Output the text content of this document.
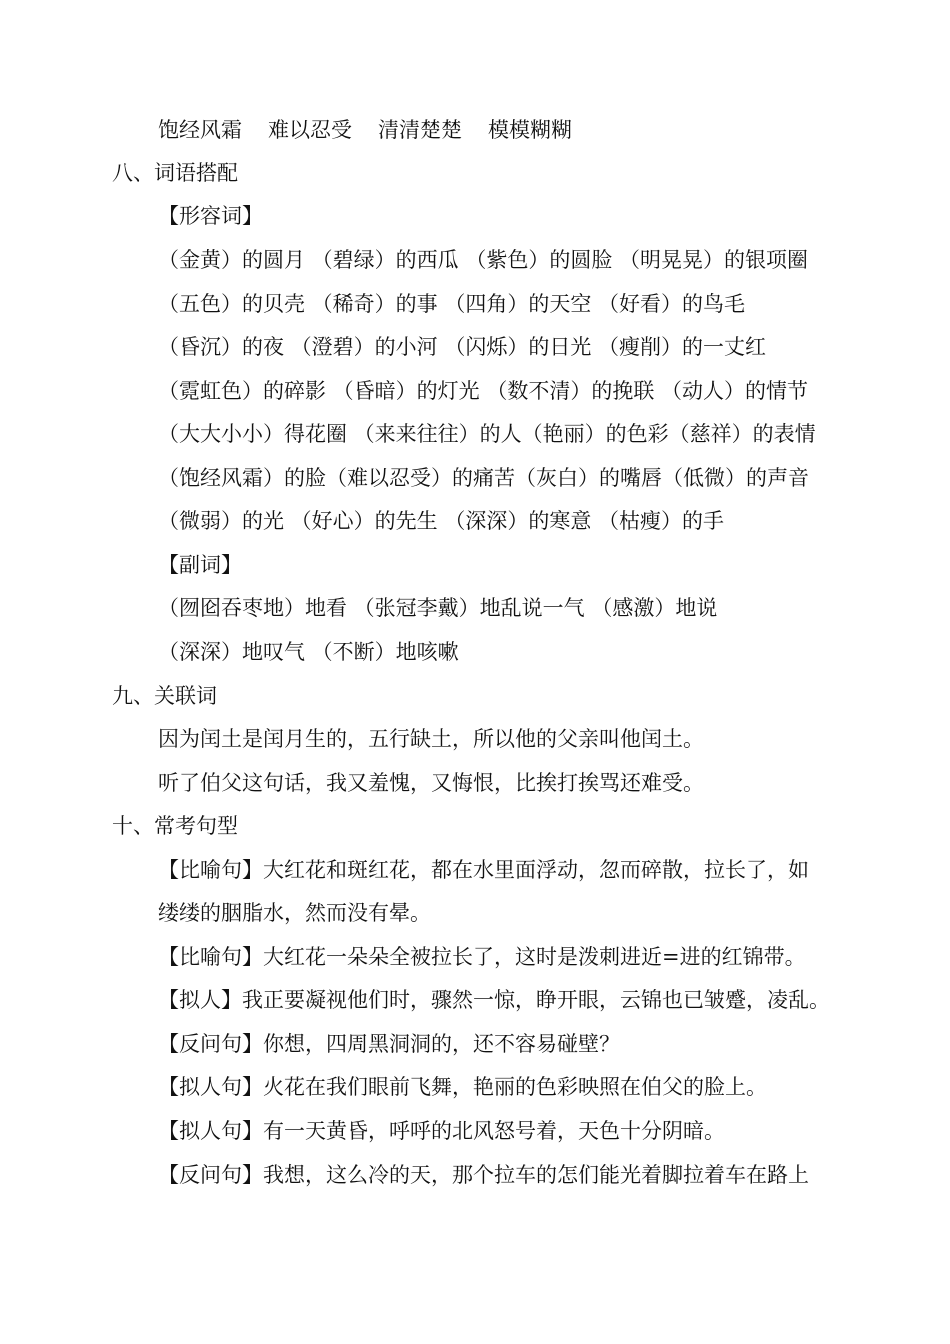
饱经风霜 难以忍受 清清楚楚 模模糊糊
八、词语搭配
【形容词】
（金黄）的圆月 （碧绿）的西瓜 （紫色）的圆脸 （明晃晃）的银项圈
（五色）的贝壳 （稀奇）的事 （四角）的天空 （好看）的鸟毛
（昏沉）的夜 （澄碧）的小河 （闪烁）的日光 （瘦削）的一丈红
（霓虹色）的碎影 （昏暗）的灯光 （数不清）的挽联 （动人）的情节
（大大小小）得花圈 （来来往往）的人（艳丽）的色彩（慈祥）的表情
（饱经风霜）的脸（难以忍受）的痛苦（灰白）的嘴唇（低微）的声音
（微弱）的光 （好心）的先生 （深深）的寒意 （枯瘦）的手
【副词】
（囫囵吞枣地）地看 （张冠李戴）地乱说一气 （感激）地说
（深深）地叹气 （不断）地咳嗽
九、关联词
因为闰土是闰月生的，五行缺土，所以他的父亲叫他闰土。
听了伯父这句话，我又羞愧，又悔恨，比挨打挨骂还难受。
十、常考句型
【比喻句】大红花和斑红花，都在水里面浮动，忽而碎散，拉长了，如
缕缕的胭脂水，然而没有晕。
【比喻句】大红花一朵朵全被拉长了，这时是泼刺进近=进的红锦带。
【拟人】我正要凝视他们时，骤然一惊，睁开眼，云锦也已皱蹙，凌乱。
【反问句】你想，四周黑洞洞的，还不容易碰壁？
【拟人句】火花在我们眼前飞舞，艳丽的色彩映照在伯父的脸上。
【拟人句】有一天黄昏，呼呼的北风怒号着，天色十分阴暗。
【反问句】我想，这么冷的天，那个拉车的怎们能光着脚拉着车在路上
